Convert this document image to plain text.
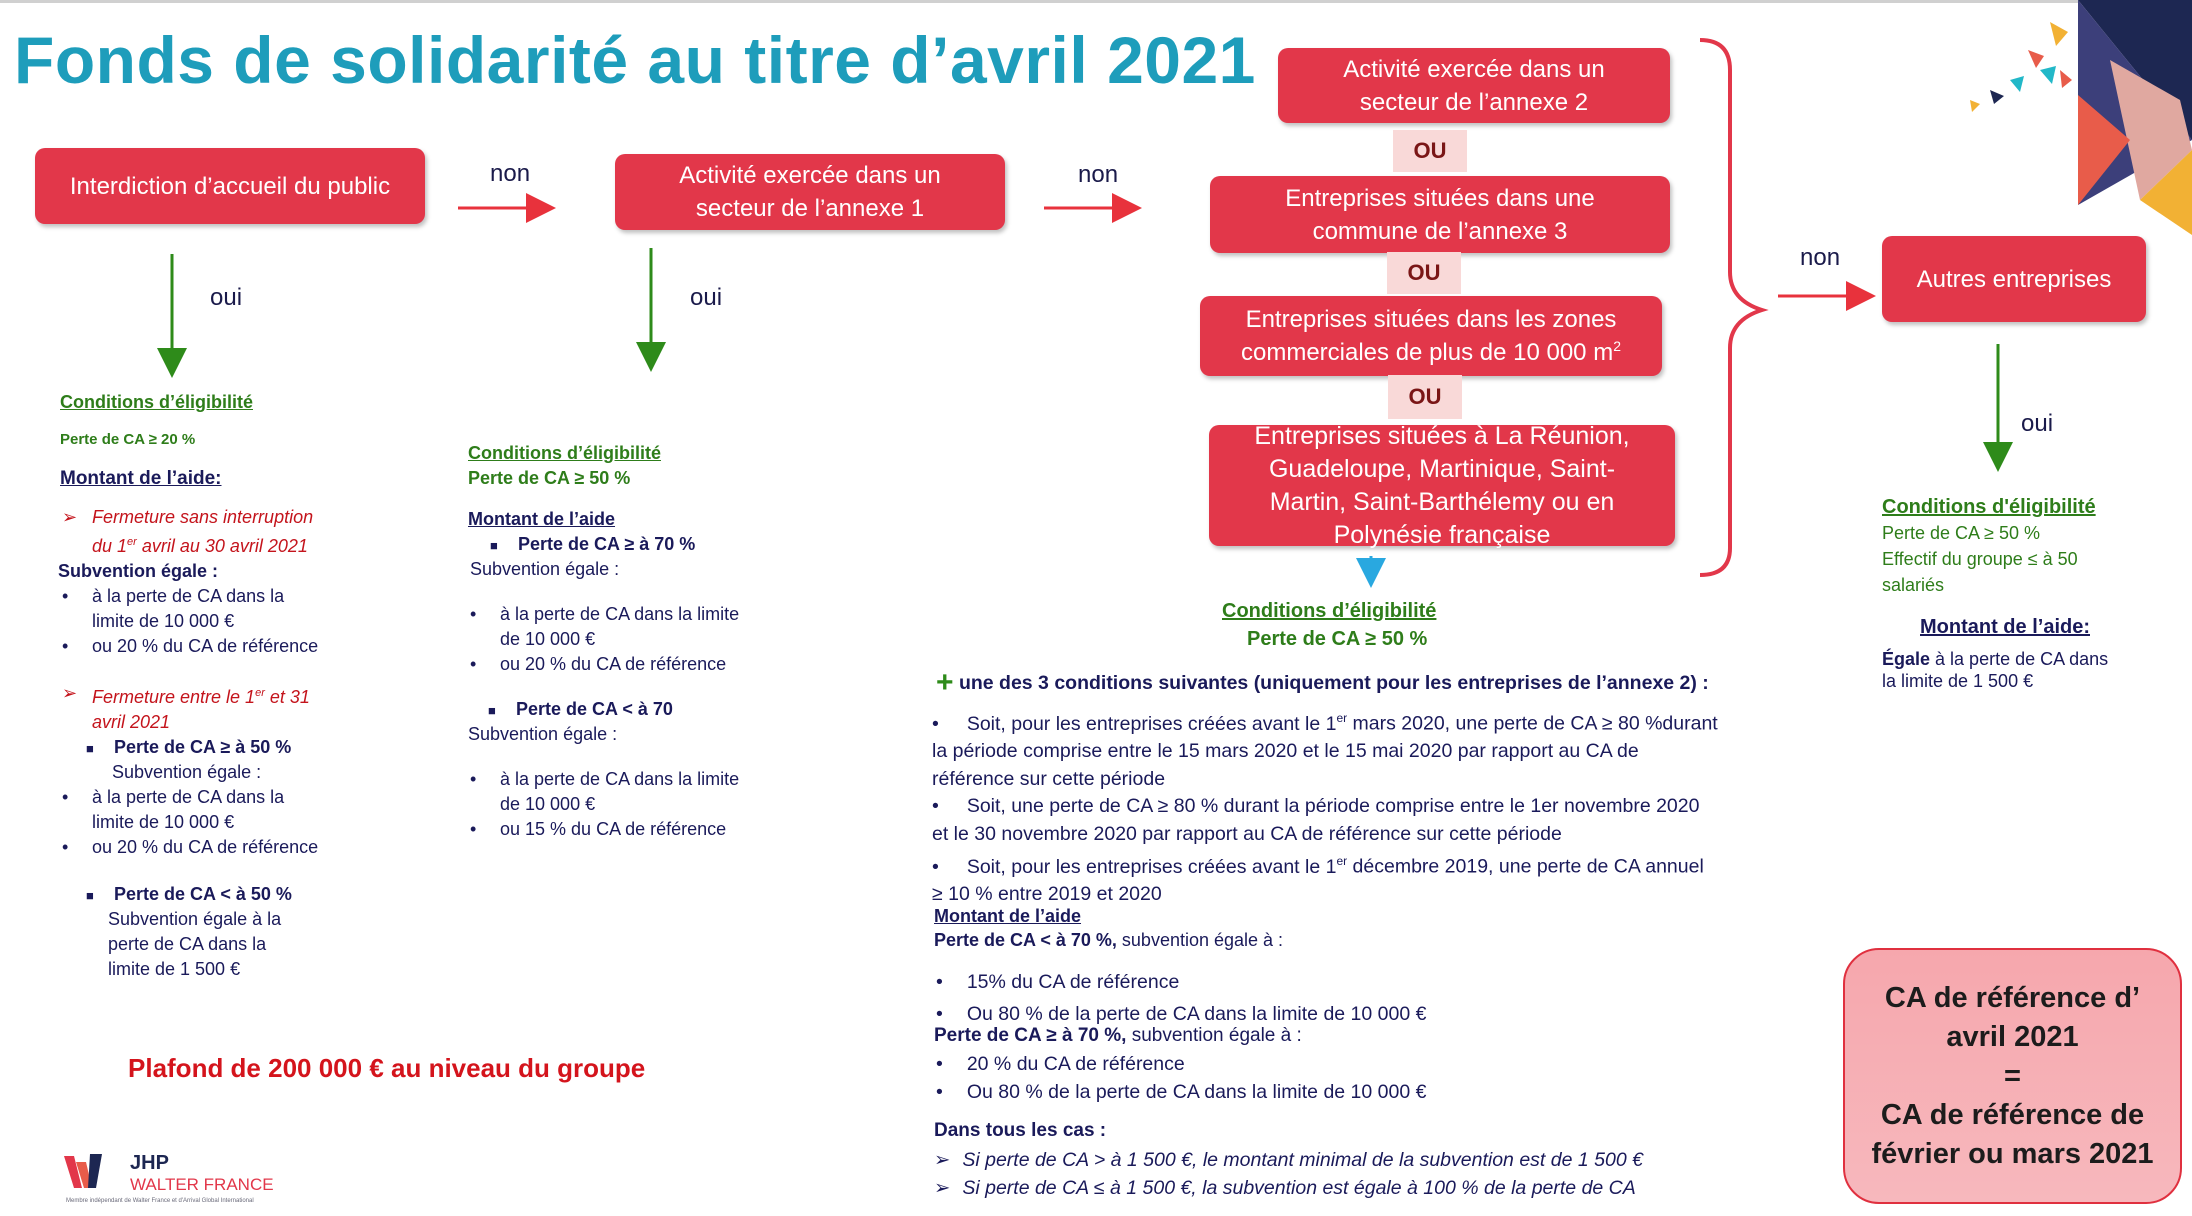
Fonds de solidarité au titre d’avril 2021
Interdiction d’accueil du public	Activité exercée dans un secteur de l’annexe 1
Activité exercée dans un secteur de l’annexe 2
Entreprises situées dans une commune de l’annexe 3
Entreprises situées dans les zones commerciales de plus de 10 000 $m^2$
Entreprises situées à La Réunion, Guadeloupe, Martinique, Saint-Martin, Saint-Barthélemy ou en Polynésie française
Autres entreprises
OU
OU
OU
non	non
non
oui	oui
oui
Conditions d’éligibilité
Perte de CA ≥ 20 %
Montant de l’aide:
➢ Fermeture sans interruption
du 1er avril au 30 avril 2021
Subvention égale :
• à la perte de CA dans la
limite de 10 000 €
• ou 20 % du CA de référence
➢ Fermeture entre le 1er et 31
avril 2021
■ Perte de CA ≥ à 50 %
Subvention égale :
• à la perte de CA dans la
limite de 10 000 €
• ou 20 % du CA de référence
■ Perte de CA < à 50 %
Subvention égale à la
perte de CA dans la
limite de 1 500 €
Plafond de 200 000 € au niveau du groupe
Conditions d’éligibilité
Perte de CA ≥ 50 %
Montant de l’aide
■ Perte de CA ≥ à 70 %
Subvention égale :
• à la perte de CA dans la limite
de 10 000 €
• ou 20 % du CA de référence
■ Perte de CA < à 70
Subvention égale :
• à la perte de CA dans la limite
de 10 000 €
• ou 15 % du CA de référence
Conditions d’éligibilité
Perte de CA ≥ 50 %
+ une des 3 conditions suivantes (uniquement pour les entreprises de l’annexe 2) :
• Soit, pour les entreprises créées avant le 1er mars 2020, une perte de CA ≥ 80 %durant
la période comprise entre le 15 mars 2020 et le 15 mai 2020 par rapport au CA de
référence sur cette période
• Soit, une perte de CA ≥ 80 % durant la période comprise entre le 1er novembre 2020
et le 30 novembre 2020 par rapport au CA de référence sur cette période
• Soit, pour les entreprises créées avant le 1er décembre 2019, une perte de CA annuel
≥ 10 % entre 2019 et 2020
Montant de l’aide
Perte de CA < à 70 %, subvention égale à :
• 15% du CA de référence
• Ou 80 % de la perte de CA dans la limite de 10 000 €
Perte de CA ≥ à 70 %, subvention égale à :
• 20 % du CA de référence
• Ou 80 % de la perte de CA dans la limite de 10 000 €
Dans tous les cas :
➢ Si perte de CA > à 1 500 €, le montant minimal de la subvention est de 1 500 €
➢ Si perte de CA ≤ à 1 500 €, la subvention est égale à 100 % de la perte de CA
Conditions d'éligibilité
Perte de CA ≥ 50 %
Effectif du groupe ≤ à 50
salariés
Montant de l’aide:
Égale à la perte de CA dans
la limite de 1 500 €
CA de référence d’
avril 2021
=
CA de référence de
février ou mars 2021
JHP
WALTER FRANCE
Membre indépendant de Walter France et d'Arrival Global International
